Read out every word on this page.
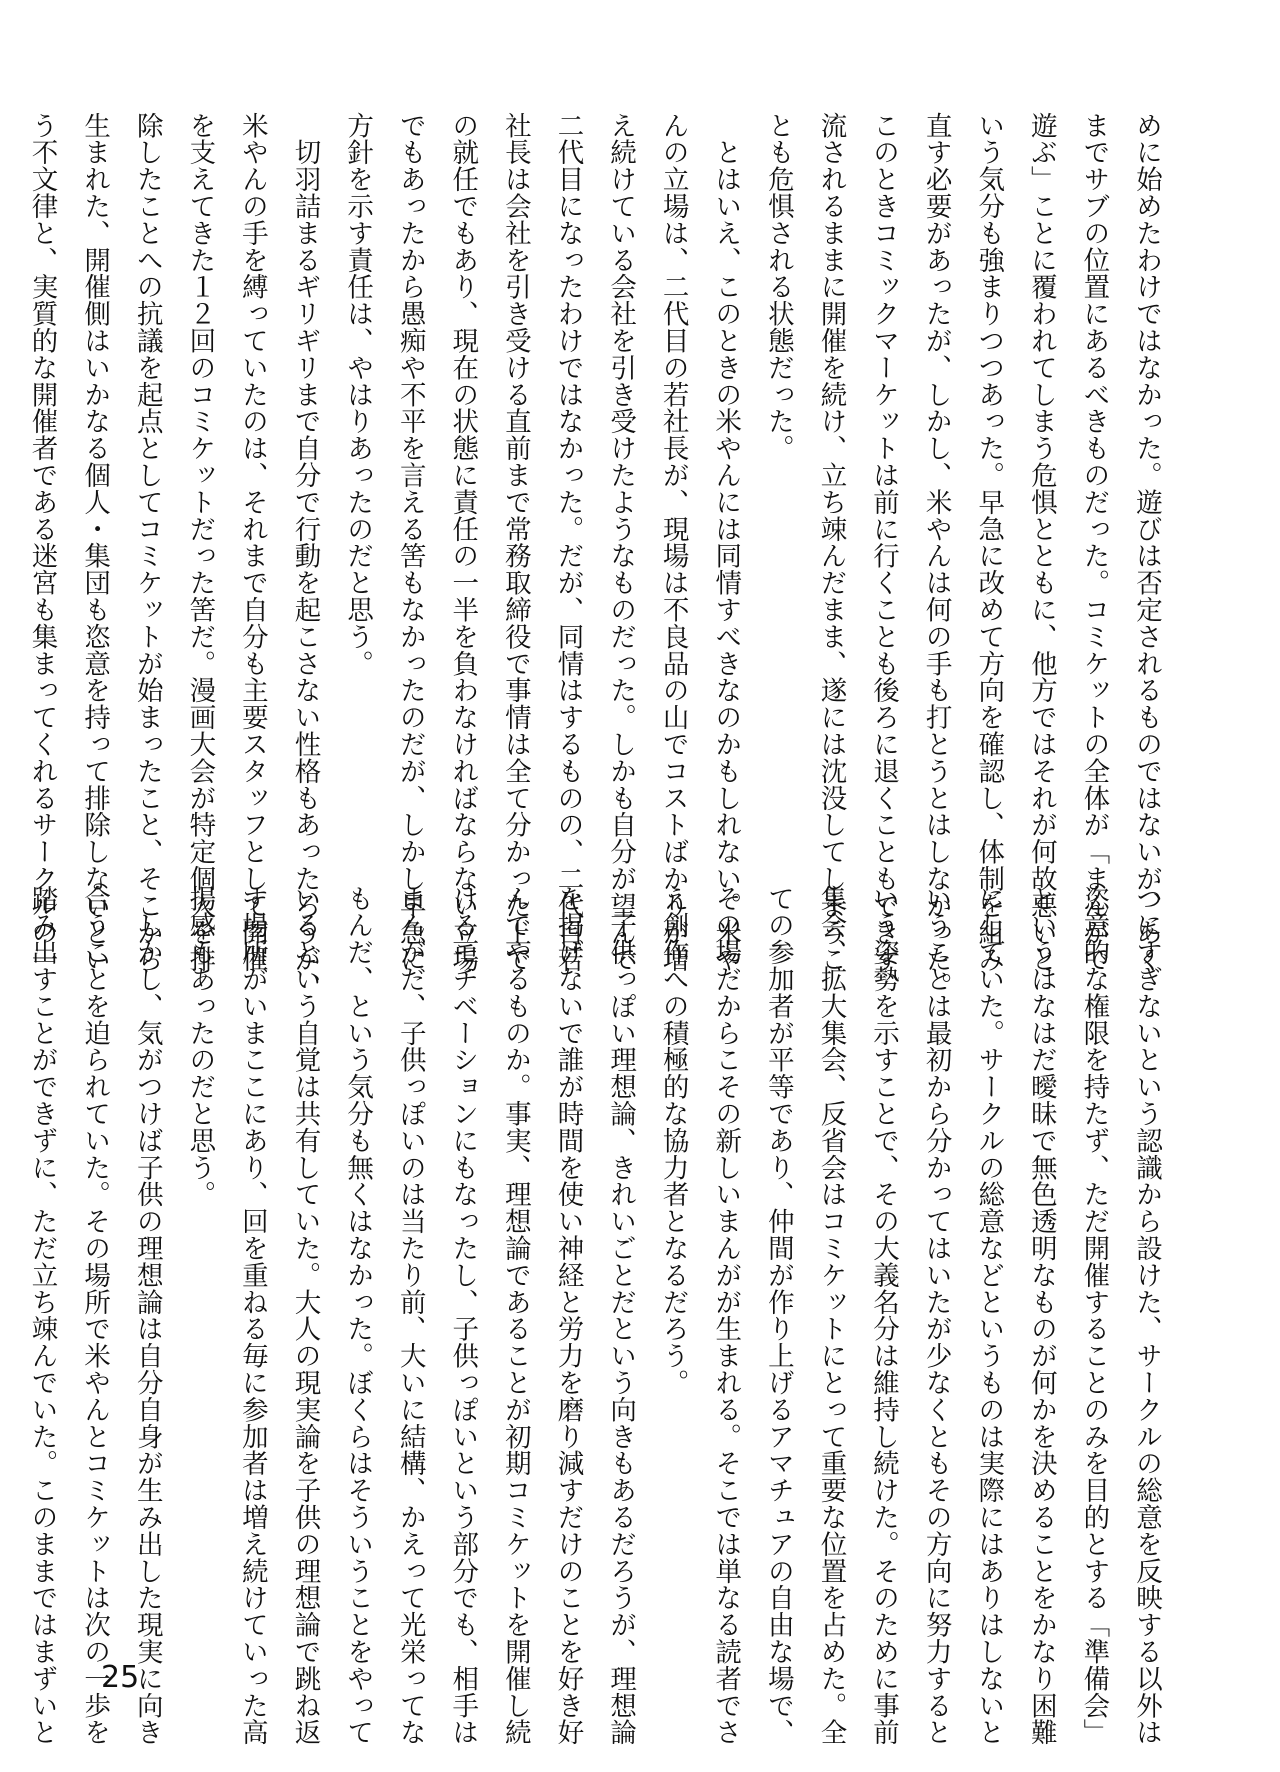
めに始めたわけではなかった。遊びは否定されるものではないが、あく
までサブの位置にあるべきものだった。コミケットの全体が「まんがで
遊ぶ」ことに覆われてしまう危惧とともに、他方ではそれが何故悪いと
いう気分も強まりつつあった。早急に改めて方向を確認し、体制を組み
直す必要があったが、しかし、米やんは何の手も打とうとはしなかった。
このときコミックマーケットは前に行くことも後ろに退くこともできず、
流されるままに開催を続け、立ち竦んだまま、遂には沈没してしまうこ
とも危惧される状態だった。
　とはいえ、このときの米やんには同情すべきなのかもしれない。米や
んの立場は、二代目の若社長が、現場は不良品の山でコストばかりが増
え続けている会社を引き受けたようなものだった。しかも自分が望んで
二代目になったわけではなかった。だが、同情はするものの、二代目若
社長は会社を引き受ける直前まで常務取締役で事情は全て分かった上で
の就任でもあり、現在の状態に責任の一半を負わなければならない立場
でもあったから愚痴や不平を言える筈もなかったのだが、しかし早急に
方針を示す責任は、やはりあったのだと思う。
　切羽詰まるギリギリまで自分で行動を起こさない性格もあったろうが、
米やんの手を縛っていたのは、それまで自分も主要スタッフとして開催
を支えてきた１２回のコミケットだった筈だ。漫画大会が特定個人を排
除したことへの抗議を起点としてコミケットが始まったこと、そこから
生まれた、開催側はいかなる個人・集団も恣意を持って排除しないとい
う不文律と、実質的な開催者である迷宮も集まってくれるサークルの一
つにすぎないという認識から設けた、サークルの総意を反映する以外は
恣意的な権限を持たず、ただ開催することのみを目的とする「準備会」
というはなはだ曖昧で無色透明なものが何かを決めることをかなり困難
にしていた。サークルの総意などというものは実際にはありはしないと
いうことは最初から分かってはいたが少なくともその方向に努力すると
いう姿勢を示すことで、その大義名分は維持し続けた。そのために事前
集会、拡大集会、反省会はコミケットにとって重要な位置を占めた。全
ての参加者が平等であり、仲間が作り上げるアマチュアの自由な場で、
その場だからこその新しいまんがが生まれる。そこでは単なる読者でさ
え創作への積極的な協力者となるだろう。
　子供っぽい理想論、きれいごとだという向きもあるだろうが、理想論
を掲げないで誰が時間を使い神経と労力を磨り減すだけのことを好き好
んでやるものか。事実、理想論であることが初期コミケットを開催し続
けるモチベーションにもなったし、子供っぽいという部分でも、相手は
まんがだ、子供っぽいのは当たり前、大いに結構、かえって光栄ってな
もんだ、という気分も無くはなかった。ぼくらはそういうことをやって
いるという自覚は共有していた。大人の現実論を子供の理想論で跳ね返
す場所がいまここにあり、回を重ねる毎に参加者は増え続けていった高
揚感もあったのだと思う。
　しかし、気がつけば子供の理想論は自分自身が生み出した現実に向き
合うことを迫られていた。その場所で米やんとコミケットは次の一歩を
踏み出すことができずに、ただ立ち竦んでいた。このままではまずいと	25
